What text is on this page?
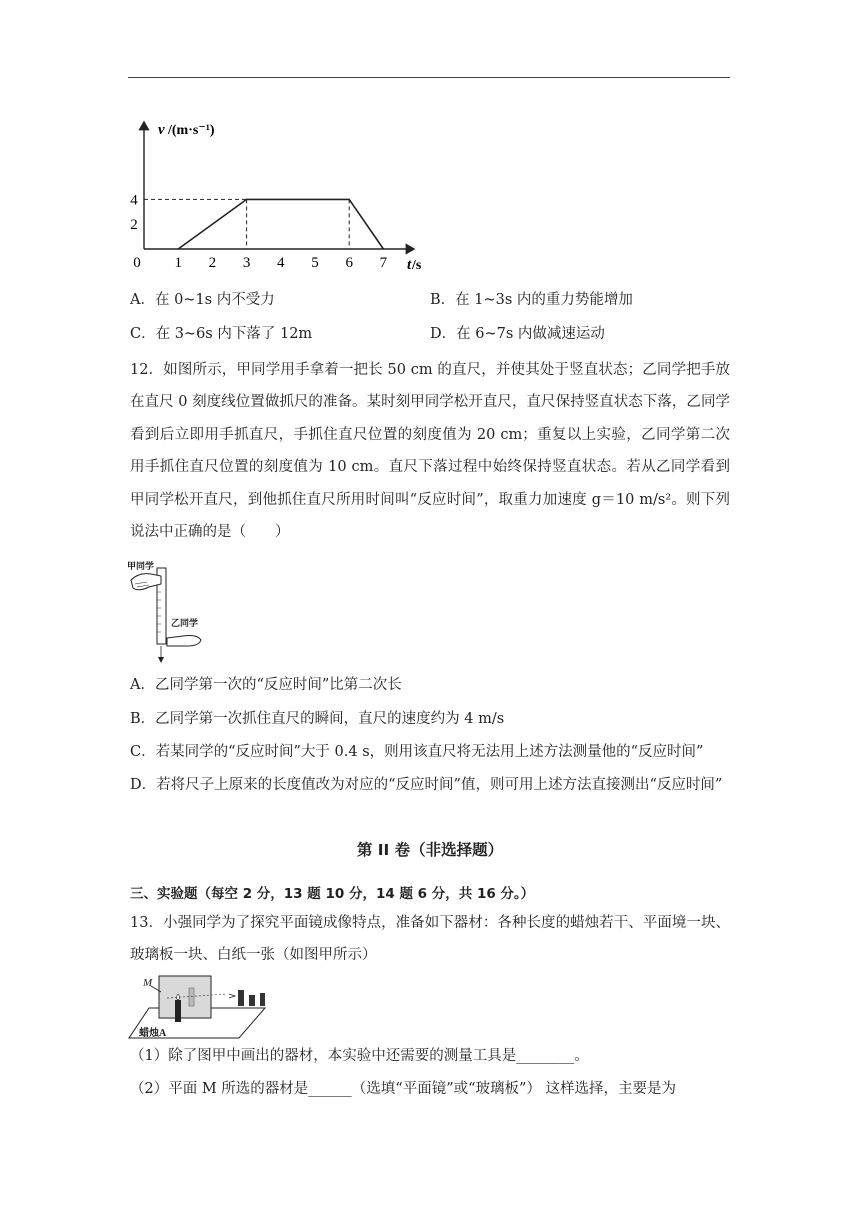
0 1 2 3 4 5 6 7
2
4
v /(m·s⁻¹)
t /s
A．在 0~1s 内不受力	B．在 1~3s 内的重力势能增加
C．在 3~6s 内下落了 12m	D．在 6~7s 内做减速运动
12．如图所示，甲同学用手拿着一把长 50 cm 的直尺，并使其处于竖直状态；乙同学把手放在直尺 0 刻度线位置做抓尺的准备。某时刻甲同学松开直尺，直尺保持竖直状态下落，乙同学看到后立即用手抓直尺，手抓住直尺位置的刻度值为 20 cm；重复以上实验，乙同学第二次用手抓住直尺位置的刻度值为 10 cm。直尺下落过程中始终保持竖直状态。若从乙同学看到甲同学松开直尺，到他抓住直尺所用时间叫“反应时间”，取重力加速度 g＝10 m/s²。则下列说法中正确的是（　　）
甲同学
乙同学
A．乙同学第一次的“反应时间”比第二次长
B．乙同学第一次抓住直尺的瞬间，直尺的速度约为 4 m/s
C．若某同学的“反应时间”大于 0.4 s，则用该直尺将无法用上述方法测量他的“反应时间”
D．若将尺子上原来的长度值改为对应的“反应时间”值，则可用上述方法直接测出“反应时间”
第 II 卷（非选择题）
三、实验题（每空 2 分，13 题 10 分，14 题 6 分，共 16 分。）
13．小强同学为了探究平面镜成像特点，准备如下器材：各种长度的蜡烛若干、平面境一块、玻璃板一块、白纸一张（如图甲所示）
M
蜡烛A
（1）除了图甲中画出的器材，本实验中还需要的测量工具是________。
（2）平面 M 所选的器材是______（选填“平面镜”或“玻璃板”） 这样选择，主要是为
